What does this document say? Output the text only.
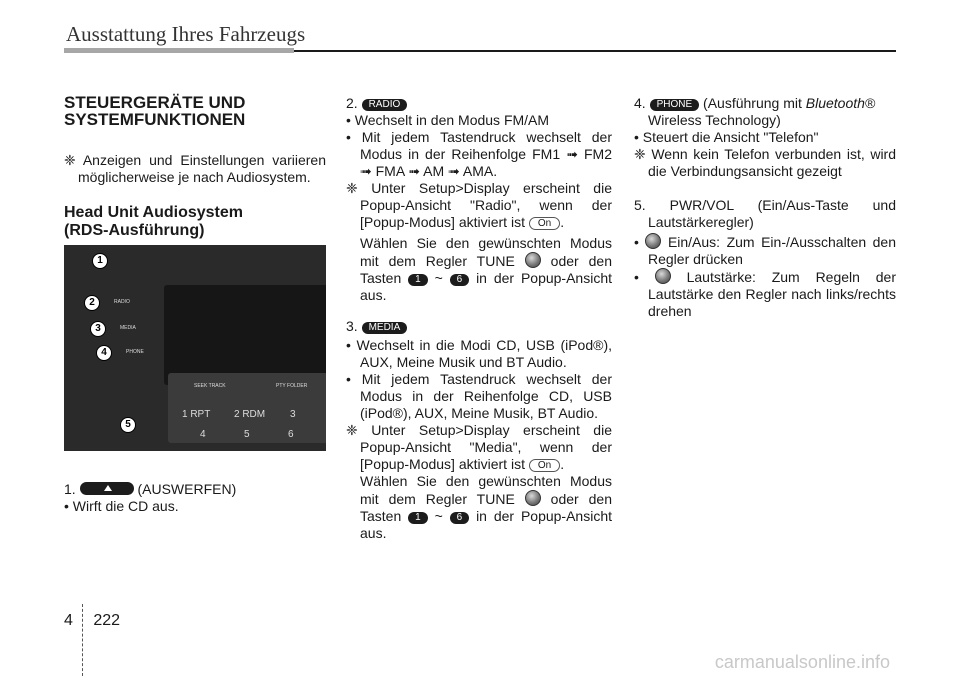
Ausstattung Ihres Fahrzeugs
STEUERGERÄTE UND SYSTEMFUNKTIONEN

❈ Anzeigen und Einstellungen variieren möglicherweise je nach Audiosystem.

Head Unit Audiosystem (RDS-Ausführung)

1
2
3
4
5
RADIO
MEDIA
PHONE
SEEK TRACK	PTY FOLDER
1 RPT 2 RDM 3
4	5	6

1.	(AUSWERFEN)

• Wirft die CD aus.

2. RADIO

• Wechselt in den Modus FM/AM

• Mit jedem Tastendruck wechselt der Modus in der Reihenfolge FM1 ➟ FM2 ➟ FMA ➟ AM ➟ AMA.

❈ Unter Setup>Display erscheint die Popup-Ansicht "Radio", wenn der [Popup-Modus] aktiviert ist On .

Wählen Sie den gewünschten Modus mit dem Regler TUNE	oder den Tasten 1 ~ 6 in der Popup-Ansicht aus.

3. MEDIA

• Wechselt in die Modi CD, USB (iPod®), AUX, Meine Musik und BT Audio.

• Mit jedem Tastendruck wechselt der Modus in der Reihenfolge CD, USB (iPod®), AUX, Meine Musik, BT Audio.

❈ Unter Setup>Display erscheint die Popup-Ansicht "Media", wenn der [Popup-Modus] aktiviert ist On .

Wählen Sie den gewünschten Modus mit dem Regler TUNE	oder den Tasten 1 ~ 6 in der Popup-Ansicht aus.

4. PHONE (Ausführung mit Bluetooth®

Wireless Technology)

• Steuert die Ansicht "Telefon"

❈ Wenn kein Telefon verbunden ist, wird die Verbindungsansicht gezeigt

5. PWR/VOL (Ein/Aus-Taste und Lautstärkeregler)

•  Ein/Aus: Zum Ein-/Ausschalten den Regler drücken

•  Lautstärke: Zum Regeln der Lautstärke den Regler nach links/rechts drehen

4 222
carmanualsonline.info
